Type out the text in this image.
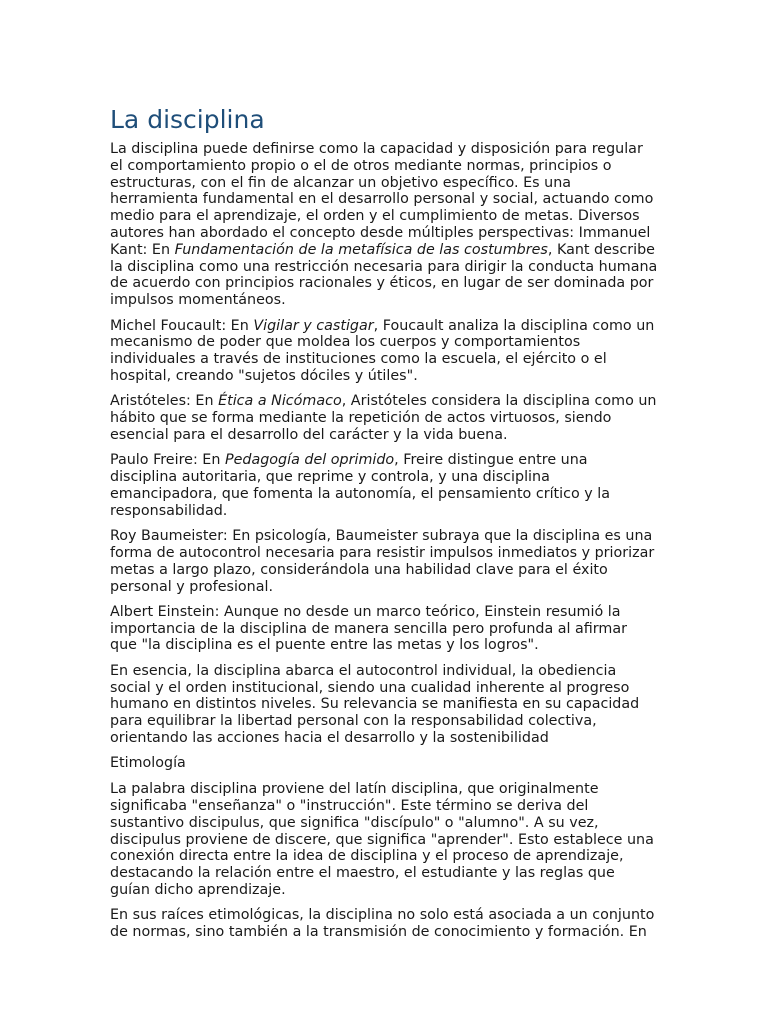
La disciplina

La disciplina puede definirse como la capacidad y disposición para regular el comportamiento propio o el de otros mediante normas, principios o estructuras, con el fin de alcanzar un objetivo específico. Es una herramienta fundamental en el desarrollo personal y social, actuando como medio para el aprendizaje, el orden y el cumplimiento de metas. Diversos autores han abordado el concepto desde múltiples perspectivas: Immanuel Kant: En Fundamentación de la metafísica de las costumbres, Kant describe la disciplina como una restricción necesaria para dirigir la conducta humana de acuerdo con principios racionales y éticos, en lugar de ser dominada por impulsos momentáneos.

Michel Foucault: En Vigilar y castigar, Foucault analiza la disciplina como un mecanismo de poder que moldea los cuerpos y comportamientos individuales a través de instituciones como la escuela, el ejército o el hospital, creando "sujetos dóciles y útiles".

Aristóteles: En Ética a Nicómaco, Aristóteles considera la disciplina como un hábito que se forma mediante la repetición de actos virtuosos, siendo esencial para el desarrollo del carácter y la vida buena.

Paulo Freire: En Pedagogía del oprimido, Freire distingue entre una disciplina autoritaria, que reprime y controla, y una disciplina emancipadora, que fomenta la autonomía, el pensamiento crítico y la responsabilidad.

Roy Baumeister: En psicología, Baumeister subraya que la disciplina es una forma de autocontrol necesaria para resistir impulsos inmediatos y priorizar metas a largo plazo, considerándola una habilidad clave para el éxito personal y profesional.

Albert Einstein: Aunque no desde un marco teórico, Einstein resumió la importancia de la disciplina de manera sencilla pero profunda al afirmar que "la disciplina es el puente entre las metas y los logros".

En esencia, la disciplina abarca el autocontrol individual, la obediencia social y el orden institucional, siendo una cualidad inherente al progreso humano en distintos niveles. Su relevancia se manifiesta en su capacidad para equilibrar la libertad personal con la responsabilidad colectiva, orientando las acciones hacia el desarrollo y la sostenibilidad

Etimología

La palabra disciplina proviene del latín disciplina, que originalmente significaba "enseñanza" o "instrucción". Este término se deriva del sustantivo discipulus, que significa "discípulo" o "alumno". A su vez, discipulus proviene de discere, que significa "aprender". Esto establece una conexión directa entre la idea de disciplina y el proceso de aprendizaje, destacando la relación entre el maestro, el estudiante y las reglas que guían dicho aprendizaje.

En sus raíces etimológicas, la disciplina no solo está asociada a un conjunto de normas, sino también a la transmisión de conocimiento y formación. En
